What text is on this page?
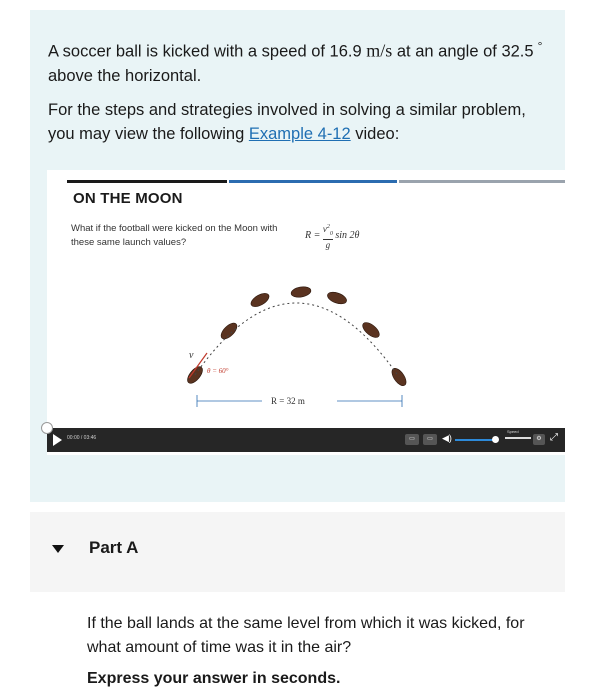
A soccer ball is kicked with a speed of 16.9 m/s at an angle of 32.5 ° above the horizontal.
For the steps and strategies involved in solving a similar problem, you may view the following Example 4-12 video:
ON THE MOON
What if the football were kicked on the Moon with these same launch values?
$R = \frac{v^2_0}{g}$ sin 2θ
v
θ = 60°
R = 32 m
00:00 / 03:46	▭	▭	◀)
Speed
⚙ ⤢
Part A
If the ball lands at the same level from which it was kicked, for what amount of time was it in the air?
Express your answer in seconds.
